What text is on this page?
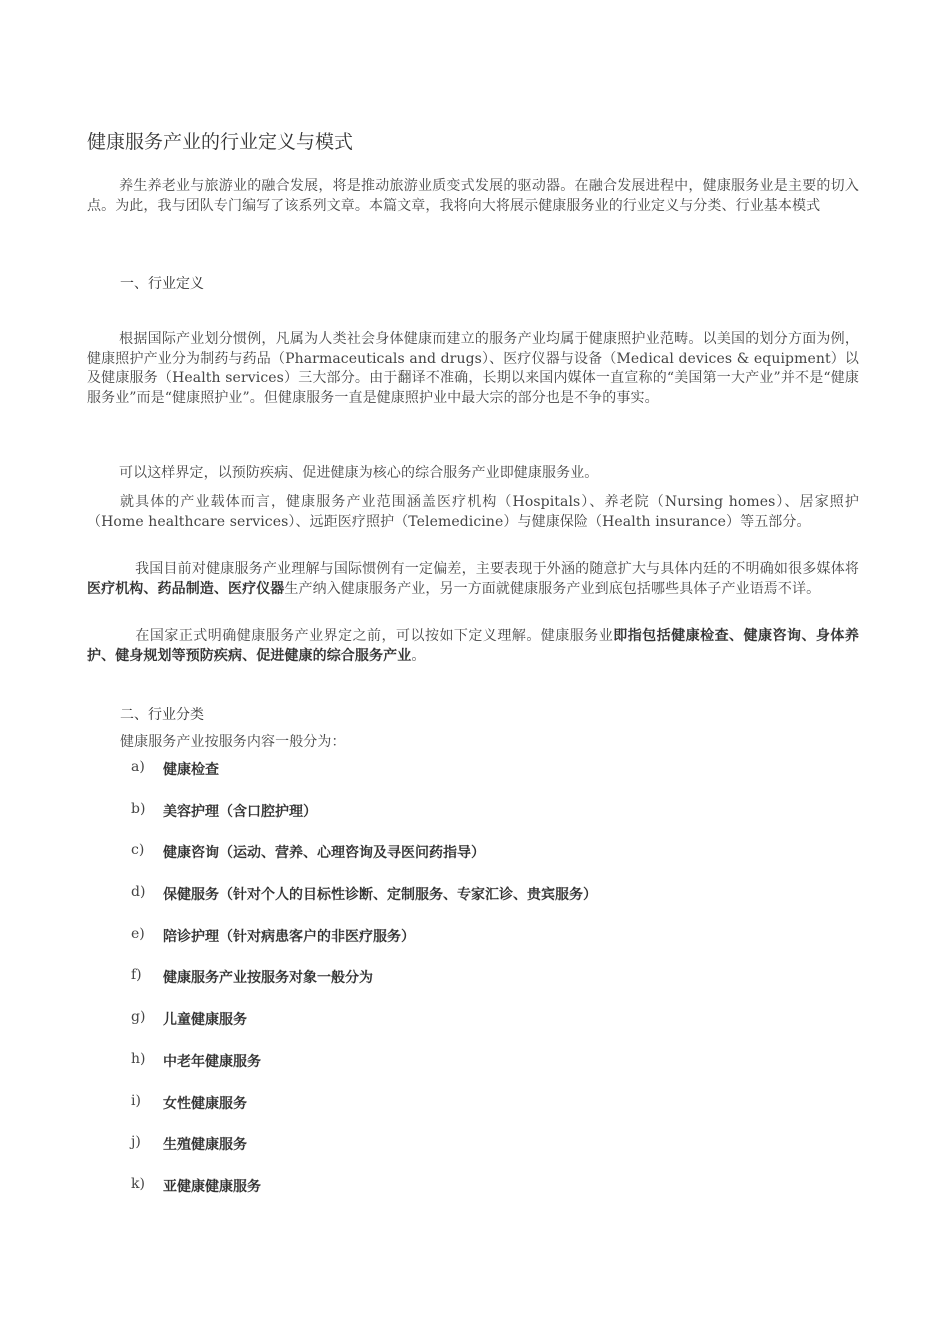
健康服务产业的行业定义与模式
养生养老业与旅游业的融合发展，将是推动旅游业质变式发展的驱动器。在融合发展进程中，健康服务业是主要的切入点。为此，我与团队专门编写了该系列文章。本篇文章，我将向大将展示健康服务业的行业定义与分类、行业基本模式
一、行业定义
根据国际产业划分惯例，凡属为人类社会身体健康而建立的服务产业均属于健康照护业范畴。以美国的划分方面为例，健康照护产业分为制药与药品（Pharmaceuticals and drugs）、医疗仪器与设备（Medical devices & equipment）以及健康服务（Health services）三大部分。由于翻译不准确，长期以来国内媒体一直宣称的“美国第一大产业”并不是“健康服务业”而是“健康照护业”。但健康服务一直是健康照护业中最大宗的部分也是不争的事实。
可以这样界定，以预防疾病、促进健康为核心的综合服务产业即健康服务业。
就具体的产业载体而言，健康服务产业范围涵盖医疗机构（Hospitals）、养老院（Nursing homes）、居家照护（Home healthcare services）、远距医疗照护（Telemedicine）与健康保险（Health insurance）等五部分。
我国目前对健康服务产业理解与国际惯例有一定偏差，主要表现于外涵的随意扩大与具体内廷的不明确如很多媒体将医疗机构、药品制造、医疗仪器生产纳入健康服务产业，另一方面就健康服务产业到底包括哪些具体子产业语焉不详。
在国家正式明确健康服务产业界定之前，可以按如下定义理解。健康服务业即指包括健康检查、健康咨询、身体养护、健身规划等预防疾病、促进健康的综合服务产业。
二、行业分类
健康服务产业按服务内容一般分为：
a)	健康检查
b)	美容护理（含口腔护理）
c)	健康咨询（运动、营养、心理咨询及寻医问药指导）
d)	保健服务（针对个人的目标性诊断、定制服务、专家汇诊、贵宾服务）
e)	陪诊护理（针对病患客户的非医疗服务）
f)	健康服务产业按服务对象一般分为
g)	儿童健康服务
h)	中老年健康服务
i)	女性健康服务
j)	生殖健康服务
k)	亚健康健康服务
